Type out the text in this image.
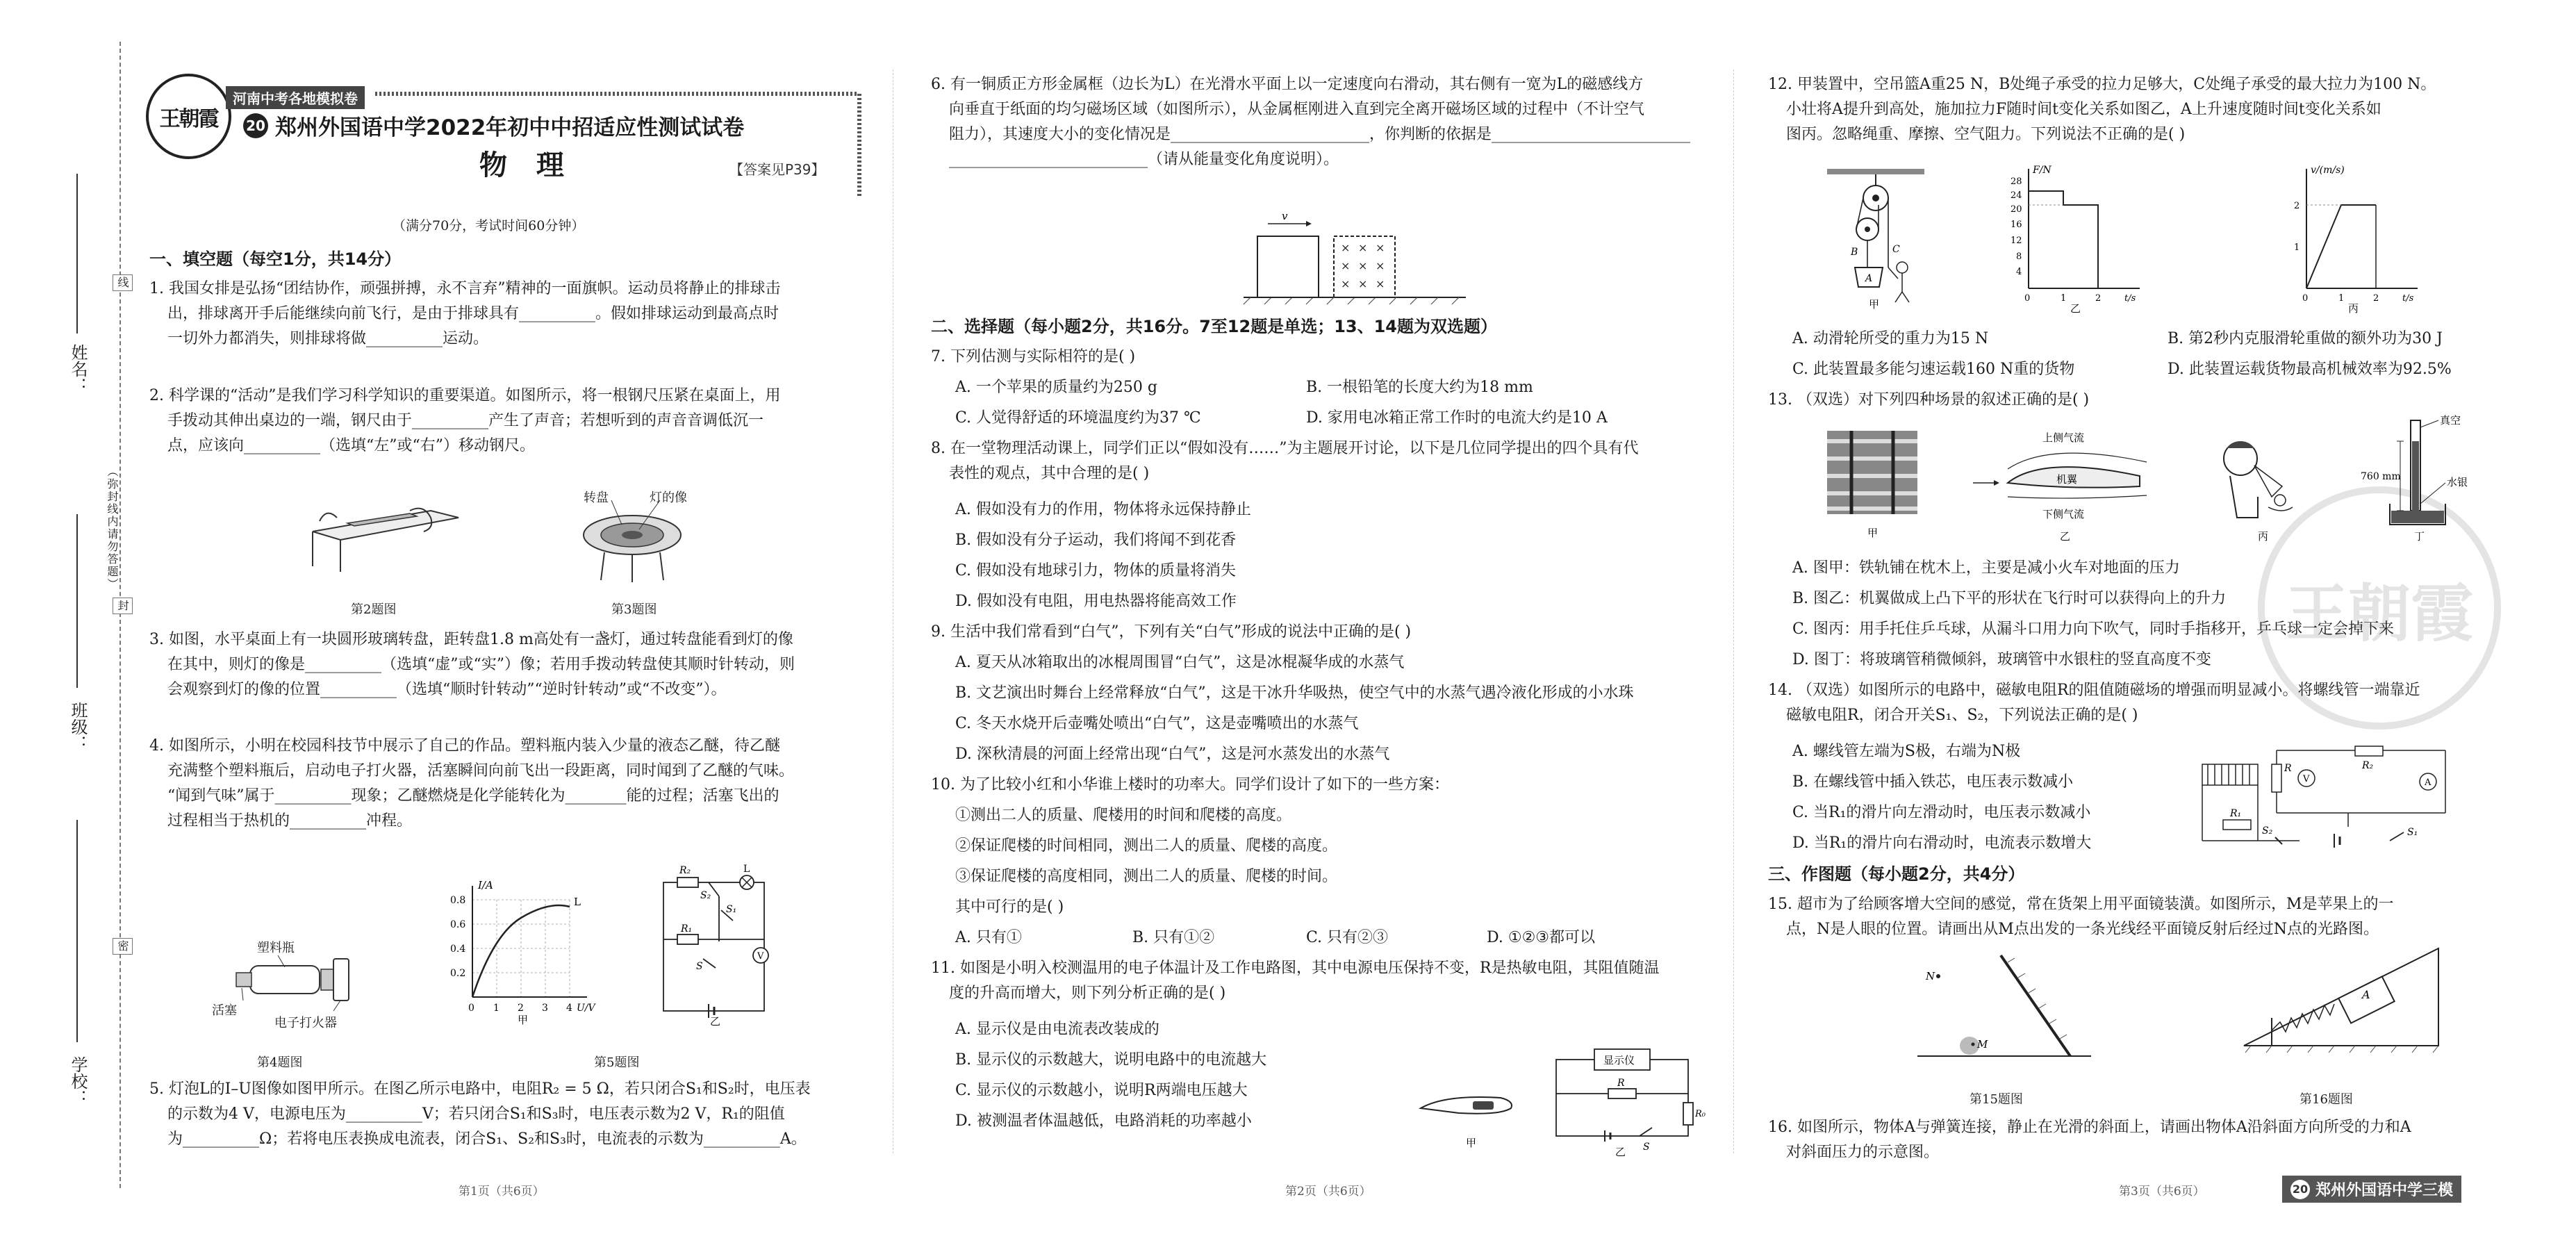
姓名：
班级：
学校：
（弥封线内请勿答题）
线
封
密
王朝霞
河南中考各地模拟卷
20 郑州外国语中学2022年初中中招适应性测试试卷
物 理	【答案见P39】
（满分70分，考试时间60分钟）
一、填空题（每空1分，共14分）

1. 我国女排是弘扬“团结协作，顽强拼搏，永不言弃”精神的一面旗帜。运动员将静止的排球击

出，排球离开手后能继续向前飞行，是由于排球具有__________。假如排球运动到最高点时

一切外力都消失，则排球将做__________运动。

2. 科学课的“活动”是我们学习科学知识的重要渠道。如图所示，将一根钢尺压紧在桌面上，用

手拨动其伸出桌边的一端，钢尺由于__________产生了声音；若想听到的声音音调低沉一

点，应该向__________（选填“左”或“右”）移动钢尺。

第2题图
转盘	灯的像
第3题图

3. 如图，水平桌面上有一块圆形玻璃转盘，距转盘1.8 m高处有一盏灯，通过转盘能看到灯的像

在其中，则灯的像是__________（选填“虚”或“实”）像；若用手拨动转盘使其顺时针转动，则

会观察到灯的像的位置__________（选填“顺时针转动”“逆时针转动”或“不改变”）。

4. 如图所示，小明在校园科技节中展示了自己的作品。塑料瓶内装入少量的液态乙醚，待乙醚

充满整个塑料瓶后，启动电子打火器，活塞瞬间向前飞出一段距离，同时闻到了乙醚的气味。

“闻到气味”属于__________现象；乙醚燃烧是化学能转化为________能的过程；活塞飞出的

过程相当于热机的__________冲程。

塑料瓶
活塞
电子打火器
第4题图
I/A
0.8
0.6
0.4
0.2
0 1 2 3 4 U/V
L
甲
R₂
S₂
L
S₁
R₁
V
S
乙
第5题图

5. 灯泡L的I–U图像如图甲所示。在图乙所示电路中，电阻R₂ = 5 Ω，若只闭合S₁和S₂时，电压表

的示数为4 V，电源电压为__________V；若只闭合S₁和S₃时，电压表示数为2 V，R₁的阻值

为__________Ω；若将电压表换成电流表，闭合S₁、S₂和S₃时，电流表的示数为__________A。

第1页（共6页）

6. 有一铜质正方形金属框（边长为L）在光滑水平面上以一定速度向右滑动，其右侧有一宽为L的磁感线方

向垂直于纸面的均匀磁场区域（如图所示），从金属框刚进入直到完全离开磁场区域的过程中（不计空气

阻力），其速度大小的变化情况是__________________________，你判断的依据是__________________________

__________________________（请从能量变化角度说明）。

v
× × ×
× × ×
× × ×
二、选择题（每小题2分，共16分。7至12题是单选；13、14题为双选题）
7. 下列估测与实际相符的是( )
A. 一个苹果的质量约为250 g	B. 一根铅笔的长度大约为18 mm
C. 人觉得舒适的环境温度约为37 ℃	D. 家用电冰箱正常工作时的电流大约是10 A

8. 在一堂物理活动课上，同学们正以“假如没有……”为主题展开讨论，以下是几位同学提出的四个具有代

表性的观点，其中合理的是( )

A. 假如没有力的作用，物体将永远保持静止
B. 假如没有分子运动，我们将闻不到花香
C. 假如没有地球引力，物体的质量将消失
D. 假如没有电阻，用电热器将能高效工作
9. 生活中我们常看到“白气”，下列有关“白气”形成的说法中正确的是( )
A. 夏天从冰箱取出的冰棍周围冒“白气”，这是冰棍凝华成的水蒸气
B. 文艺演出时舞台上经常释放“白气”，这是干冰升华吸热，使空气中的水蒸气遇冷液化形成的小水珠
C. 冬天水烧开后壶嘴处喷出“白气”，这是壶嘴喷出的水蒸气
D. 深秋清晨的河面上经常出现“白气”，这是河水蒸发出的水蒸气
10. 为了比较小红和小华谁上楼时的功率大。同学们设计了如下的一些方案：
①测出二人的质量、爬楼用的时间和爬楼的高度。
②保证爬楼的时间相同，测出二人的质量、爬楼的高度。
③保证爬楼的高度相同，测出二人的质量、爬楼的时间。
其中可行的是( )
A. 只有①	B. 只有①②	C. 只有②③	D. ①②③都可以

11. 如图是小明入校测温用的电子体温计及工作电路图，其中电源电压保持不变，R是热敏电阻，其阻值随温

度的升高而增大，则下列分析正确的是( )

A. 显示仪是由电流表改装成的
B. 显示仪的示数越大，说明电路中的电流越大
C. 显示仪的示数越小，说明R两端电压越大
D. 被测温者体温越低，电路消耗的功率越小
甲
显示仪
R
R₀
S
乙
第2页（共6页）
王朝霞

12. 甲装置中，空吊篮A重25 N，B处绳子承受的拉力足够大，C处绳子承受的最大拉力为100 N。

小壮将A提升到高处，施加拉力F随时间t变化关系如图乙，A上升速度随时间t变化关系如

图丙。忽略绳重、摩擦、空气阻力。下列说法不正确的是( )

B
A
C
甲
F/N
28
24
20
16
12
8
4
0	1	2	t/s
乙
v/(m/s)
2
1
0	1	2	t/s
丙
A. 动滑轮所受的重力为15 N	B. 第2秒内克服滑轮重做的额外功为30 J
C. 此装置最多能匀速运载160 N重的货物	D. 此装置运载货物最高机械效率为92.5%
13. （双选）对下列四种场景的叙述正确的是( )
甲
上侧气流
机翼
下侧气流
乙	丙
真空
760 mm	水银
丁
A. 图甲：铁轨铺在枕木上，主要是减小火车对地面的压力
B. 图乙：机翼做成上凸下平的形状在飞行时可以获得向上的升力
C. 图丙：用手托住乒乓球，从漏斗口用力向下吹气，同时手指移开，乒乓球一定会掉下来
D. 图丁：将玻璃管稍微倾斜，玻璃管中水银柱的竖直高度不变

14. （双选）如图所示的电路中，磁敏电阻R的阻值随磁场的增强而明显减小。将螺线管一端靠近

磁敏电阻R，闭合开关S₁、S₂，下列说法正确的是( )

A. 螺线管左端为S极，右端为N极
B. 在螺线管中插入铁芯，电压表示数减小
C. 当R₁的滑片向左滑动时，电压表示数减小
D. 当R₁的滑片向右滑动时，电流表示数增大
R
V
R₂
A
S₂
R₁
S₁
三、作图题（每小题2分，共4分）

15. 超市为了给顾客增大空间的感觉，常在货架上用平面镜装潢。如图所示，M是苹果上的一

点，N是人眼的位置。请画出从M点出发的一条光线经平面镜反射后经过N点的光路图。

N
M
第15题图
A
第16题图

16. 如图所示，物体A与弹簧连接，静止在光滑的斜面上，请画出物体A沿斜面方向所受的力和A

对斜面压力的示意图。

第3页（共6页）	20 郑州外国语中学三模
